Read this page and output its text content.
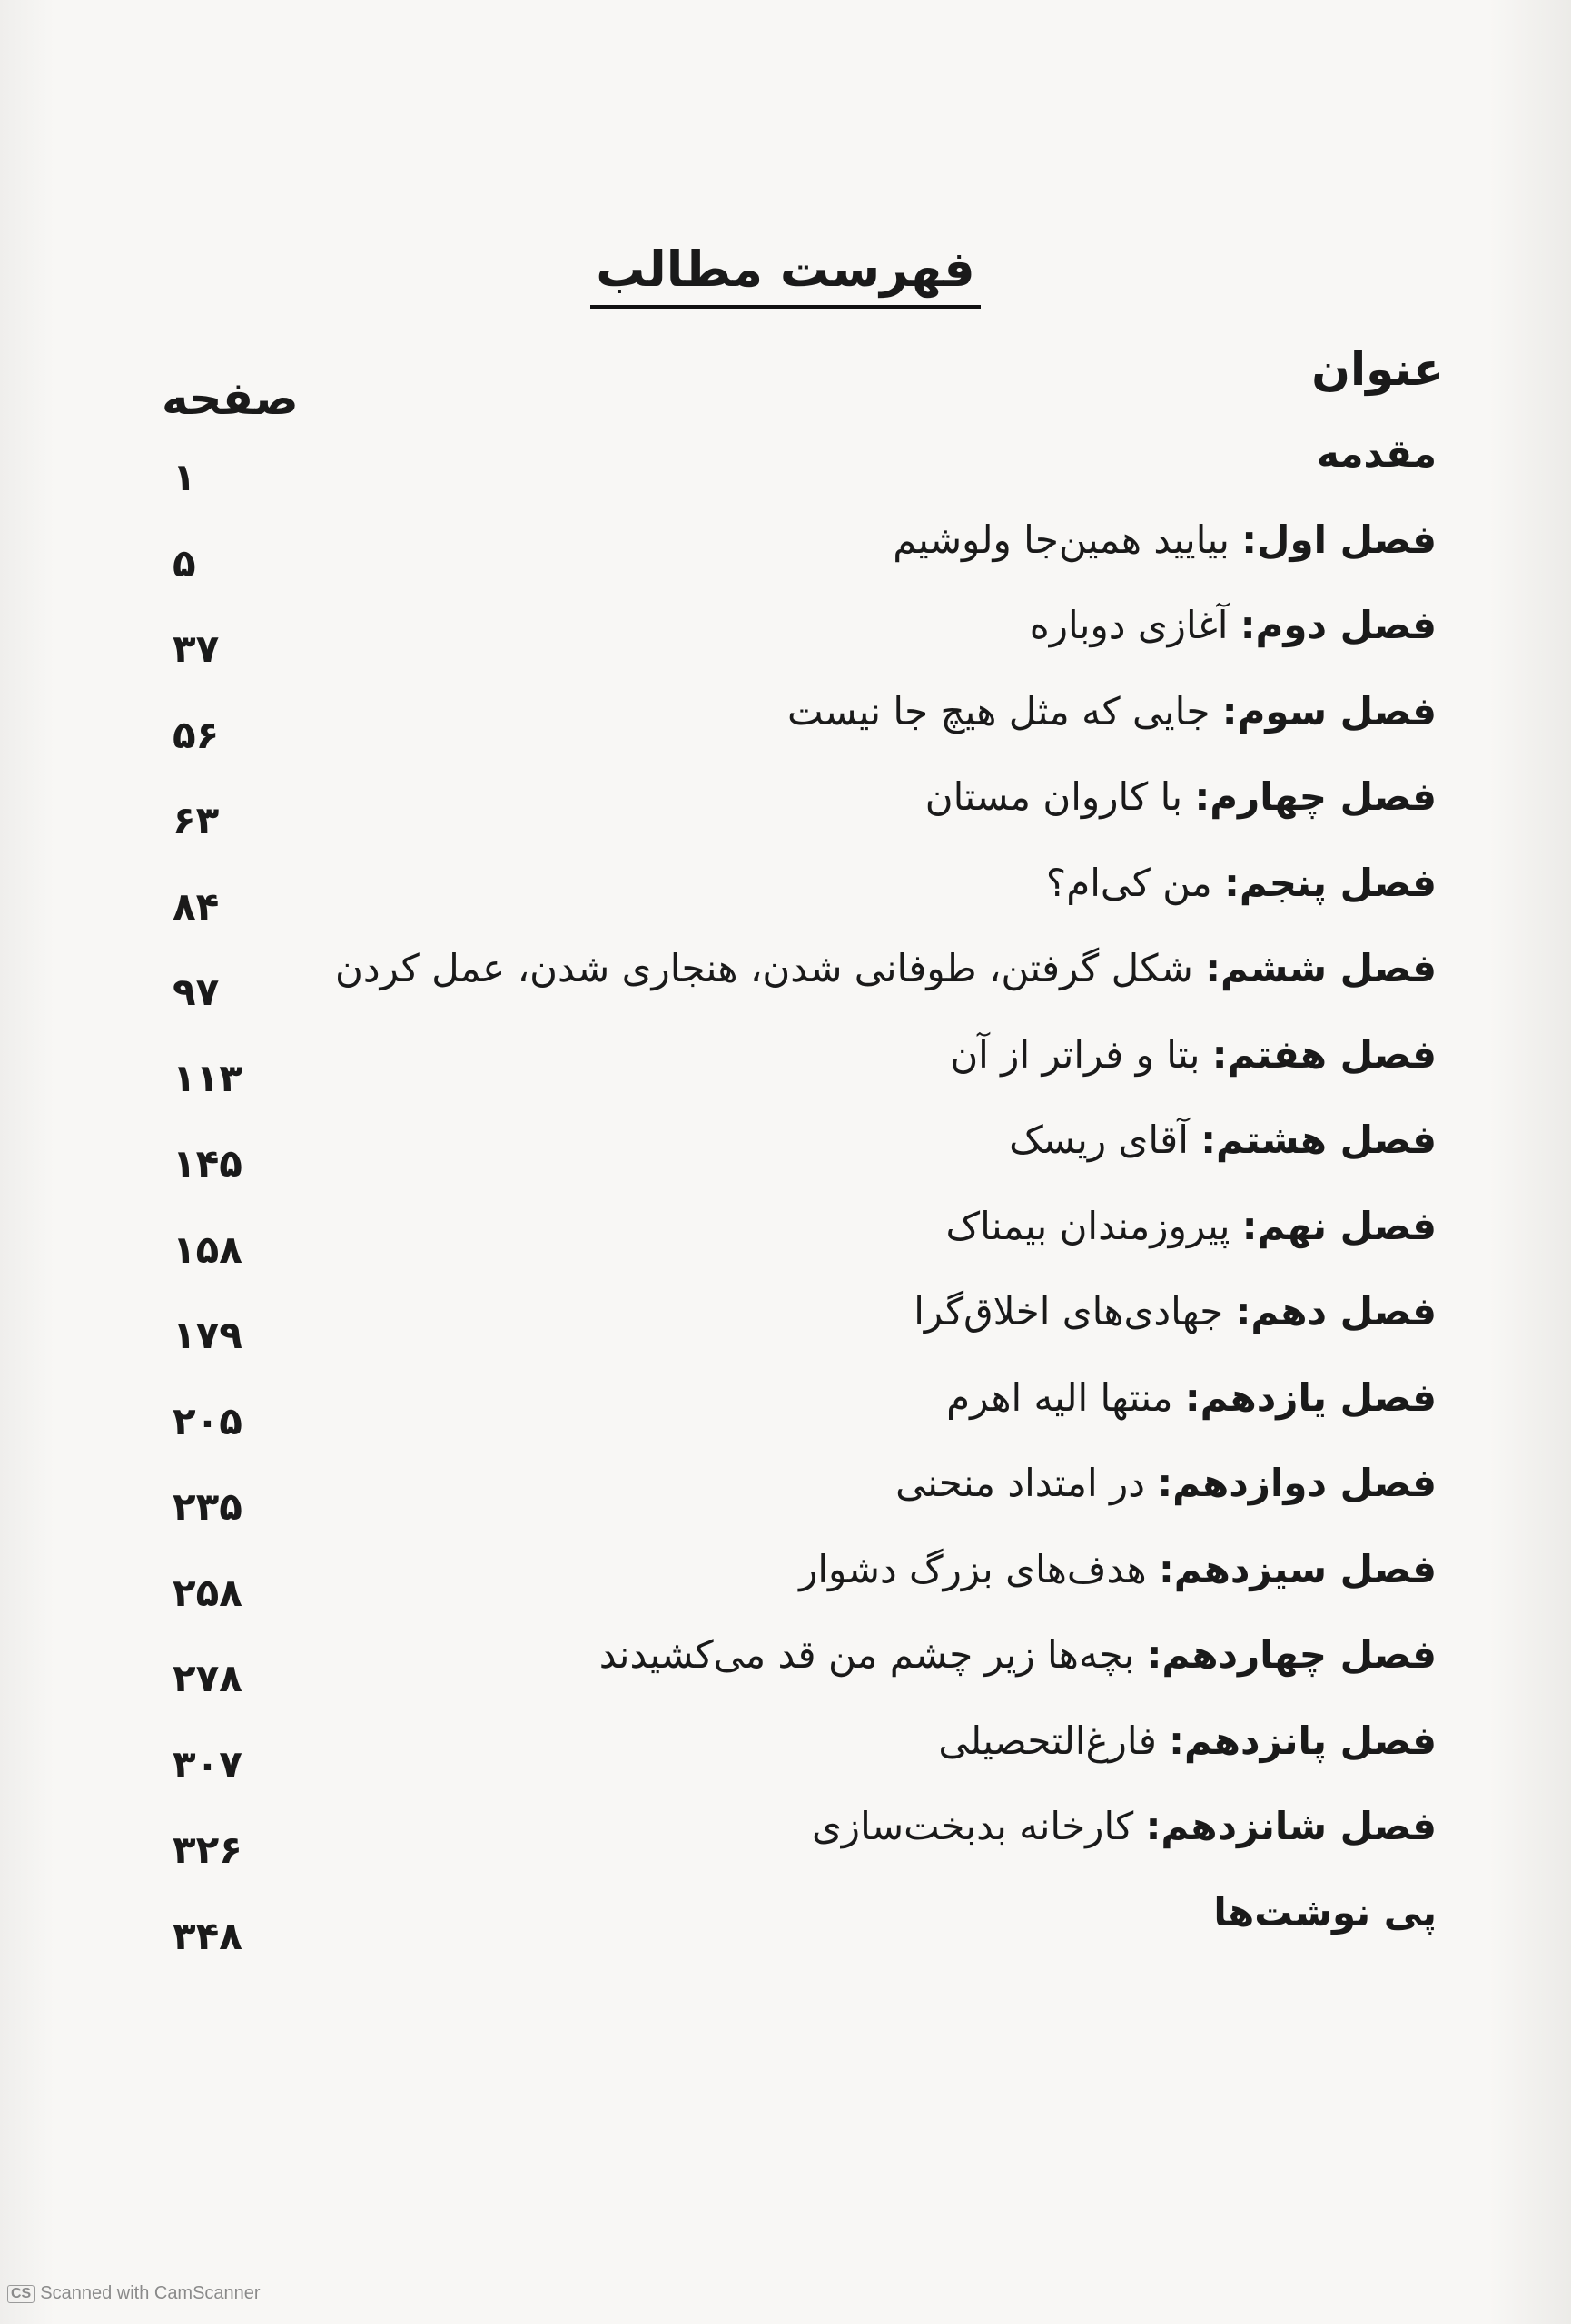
فهرست مطالب
عنوان
صفحه
مقدمه
۱
فصل اول: بیایید همین‌جا ولوشیم
۵
فصل دوم: آغازی دوباره
۳۷
فصل سوم: جایی که مثل هیچ جا نیست
۵۶
فصل چهارم: با کاروان مستان
۶۳
فصل پنجم: من کی‌ام؟
۸۴
فصل ششم: شکل گرفتن، طوفانی شدن، هنجاری شدن، عمل کردن
۹۷
فصل هفتم: بتا و فراتر از آن
۱۱۳
فصل هشتم: آقای ریسک
۱۴۵
فصل نهم: پیروزمندان بیمناک
۱۵۸
فصل دهم: جهادی‌های اخلاق‌گرا
۱۷۹
فصل یازدهم: منتها الیه اهرم
۲۰۵
فصل دوازدهم: در امتداد منحنی
۲۳۵
فصل سیزدهم: هدف‌های بزرگ دشوار
۲۵۸
فصل چهاردهم: بچه‌ها زیر چشم من قد می‌کشیدند
۲۷۸
فصل پانزدهم: فارغ‌التحصیلی
۳۰۷
فصل شانزدهم: کارخانه بدبخت‌سازی
۳۲۶
پی نوشت‌ها
۳۴۸
CS Scanned with CamScanner
